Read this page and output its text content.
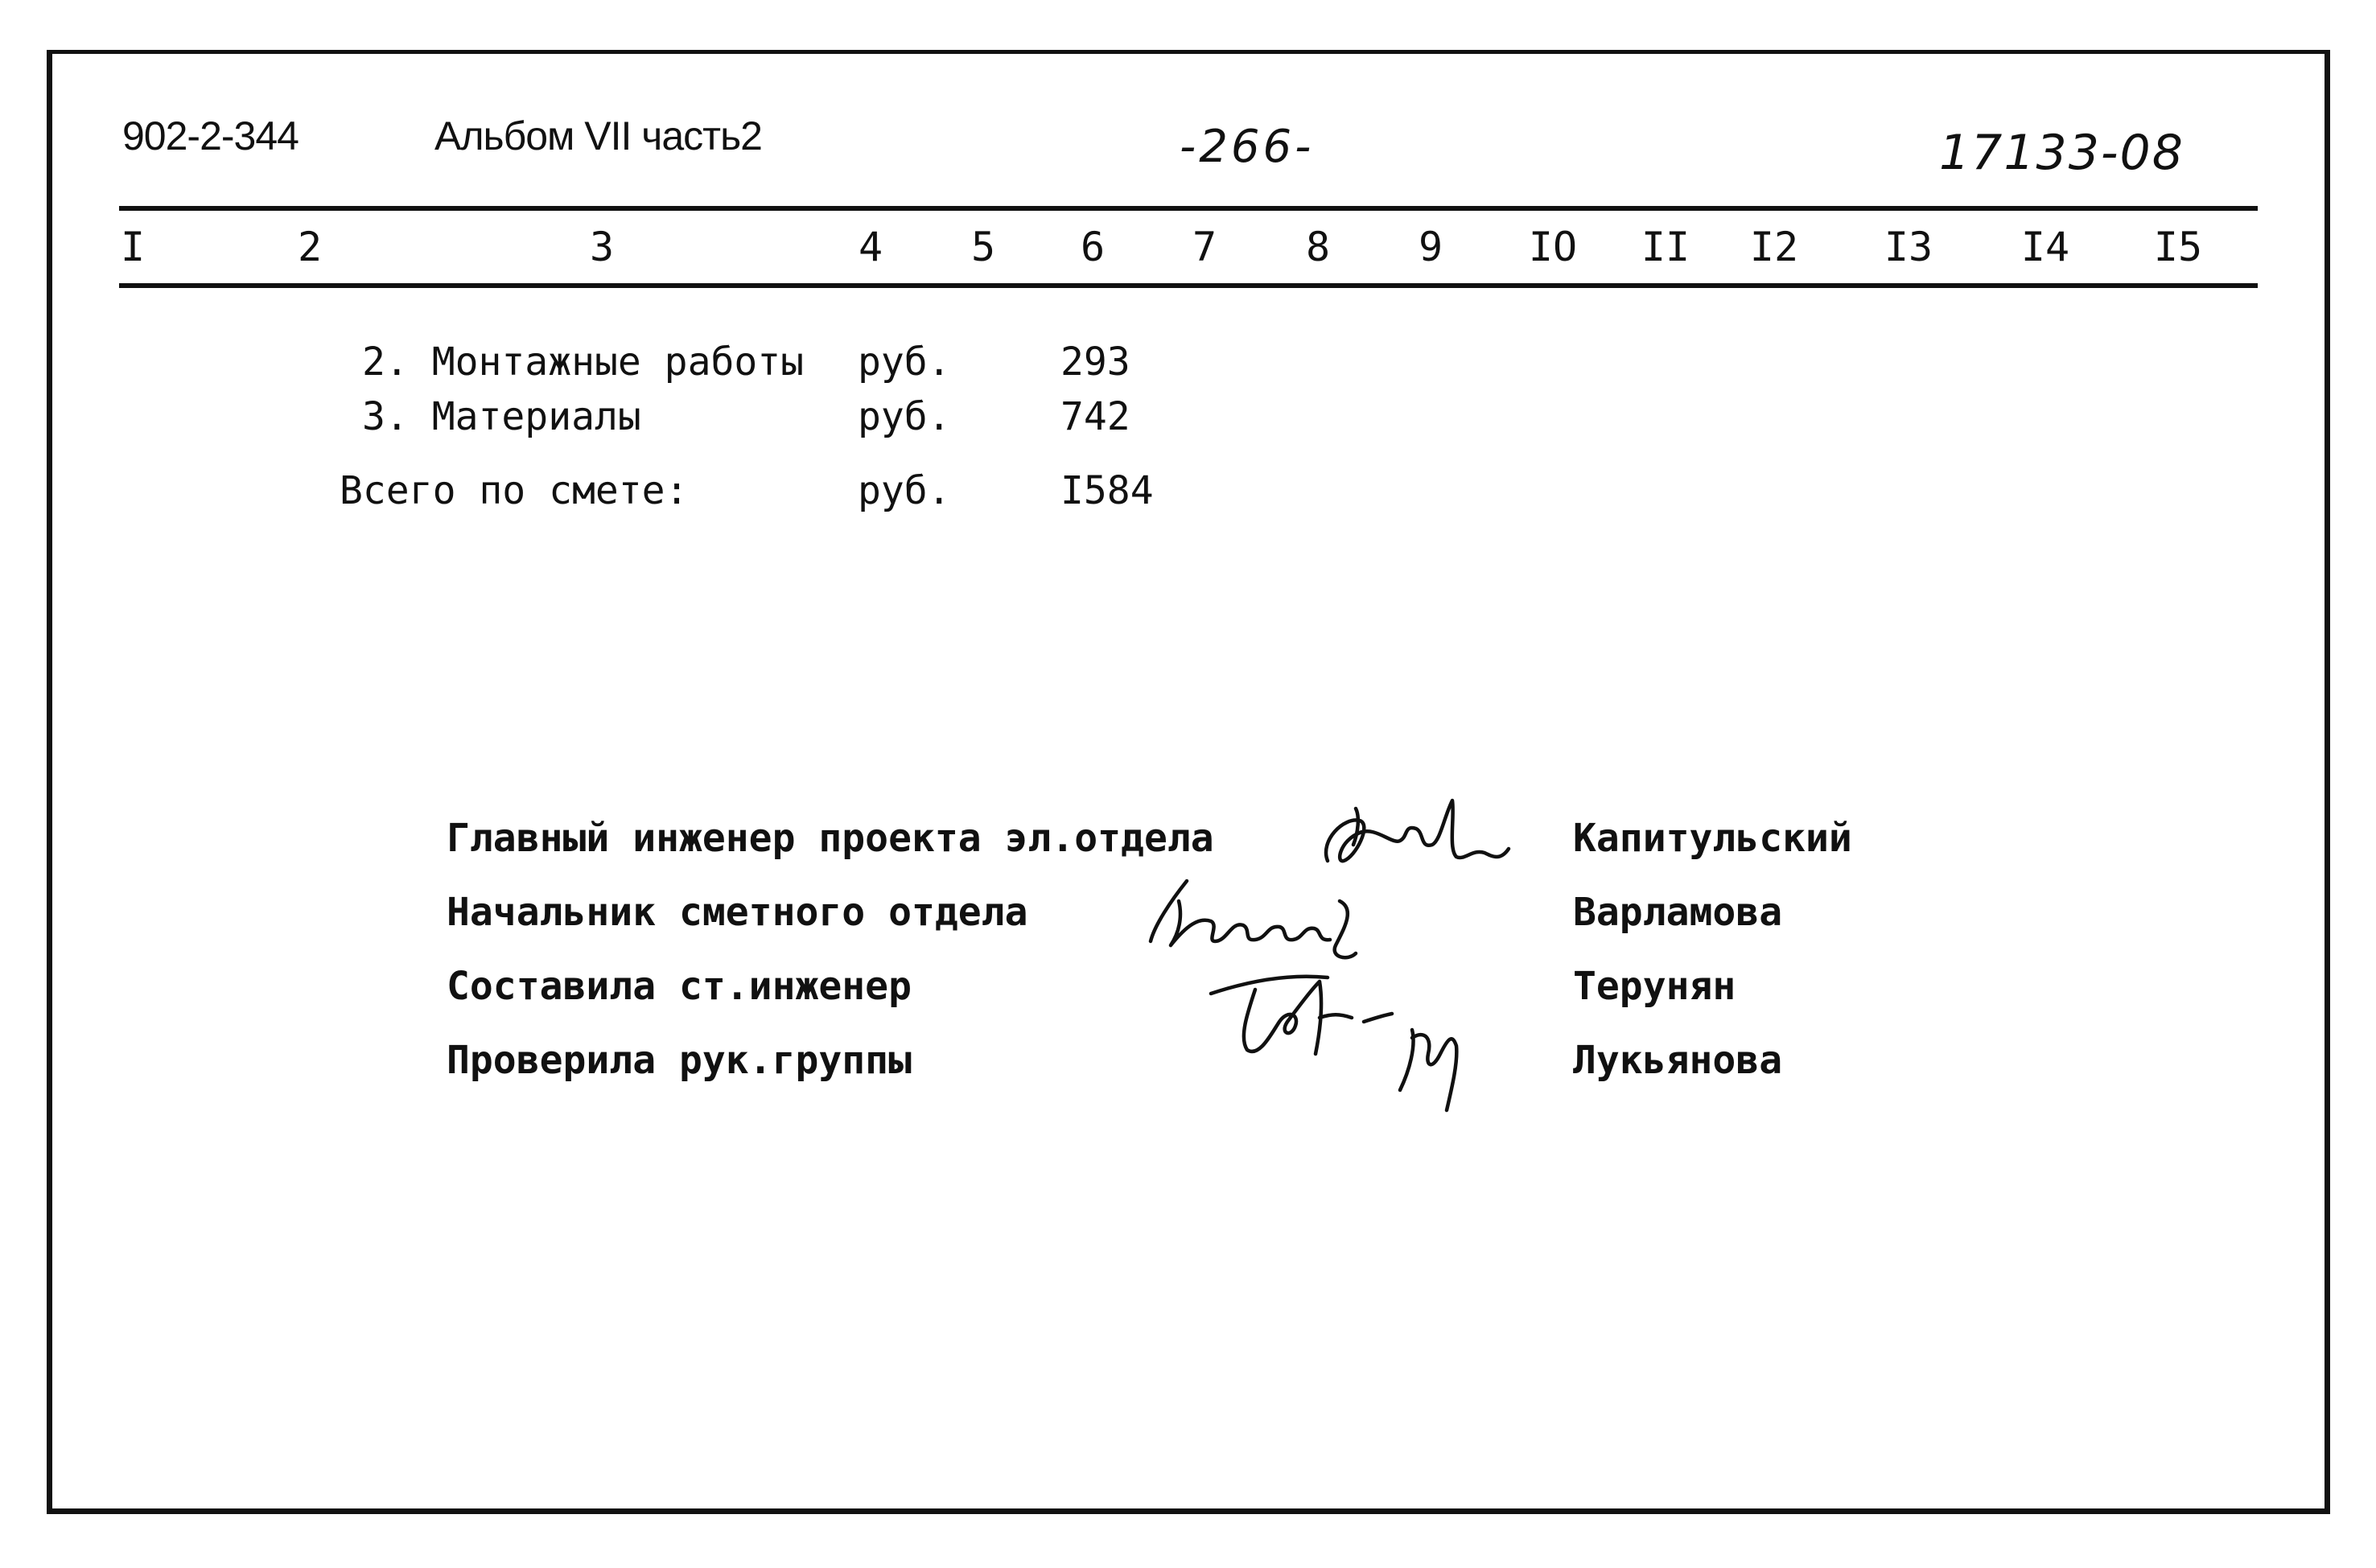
902-2-344	Альбом VII часть2	-266-	17133-08
I	2	3	4	5	6	7	8	9	IO II I2 I3 I4 I5
2. Монтажные работы руб.	293
3. Материалы	руб.	742
Всего по смете:	руб.	I584
Главный инженер проекта эл.отдела	Капитульский
Начальник сметного отдела	Варламова
Составила ст.инженер	Терунян
Проверила рук.группы	Лукьянова
